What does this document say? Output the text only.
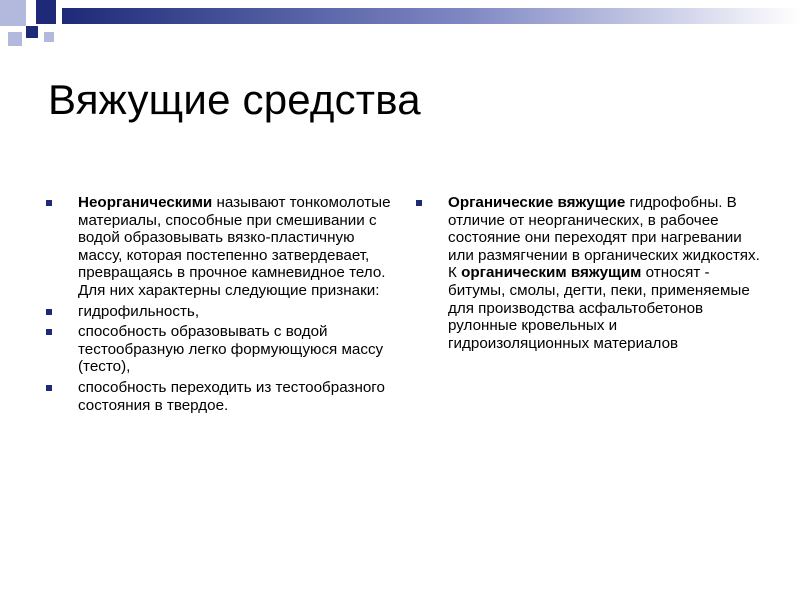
Вяжущие средства
Неорганическими называют тонкомолотые материалы, способные при смешивании с водой образовывать вязко-пластичную массу, которая постепенно затвердевает, превращаясь в прочное камневидное тело. Для них характерны следующие признаки:
гидрофильность,
способность образовывать с водой тестообразную легко формующуюся массу (тесто),
способность переходить из тестообразного состояния в твердое.
Органические вяжущие гидрофобны. В отличие от неорганических, в рабочее состояние они переходят при нагревании или размягчении в органических жидкостях.
К органическим вяжущим относят - битумы, смолы, дегти, пеки, применяемые для производства асфальтобетонов рулонные кровельных и гидроизоляционных материалов
